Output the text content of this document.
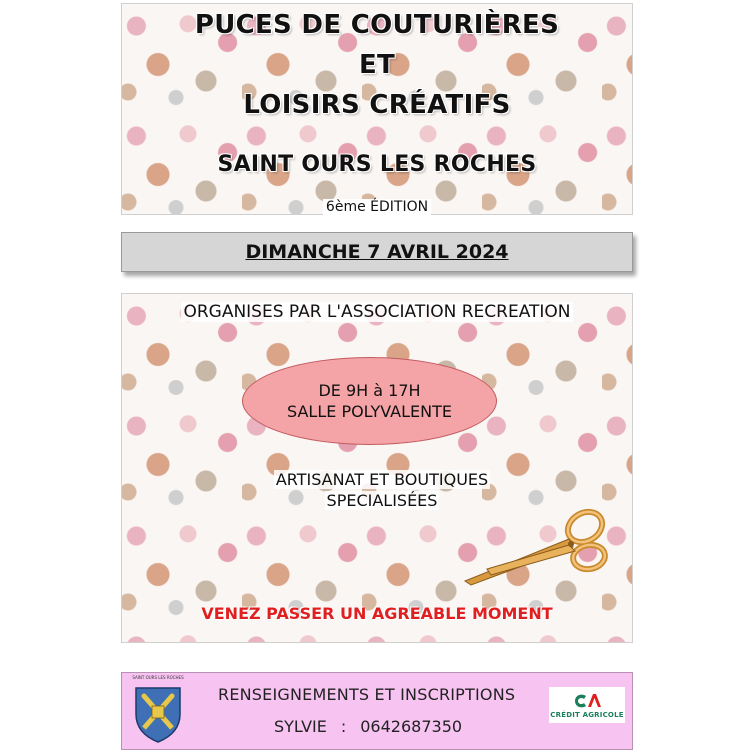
PUCES DE COUTURIÈRES
ET
LOISIRS CRÉATIFS
SAINT OURS LES ROCHES
6ème ÉDITION
DIMANCHE 7 AVRIL 2024
ORGANISES PAR L'ASSOCIATION RECREATION
DE 9H à 17H
SALLE POLYVALENTE
ARTISANAT ET BOUTIQUES
SPECIALISÉES
VENEZ PASSER UN AGREABLE MOMENT
SAINT OURS LES ROCHES
RENSEIGNEMENTS ET INSCRIPTIONS
SYLVIE : 0642687350
CRÉDIT AGRICOLE
